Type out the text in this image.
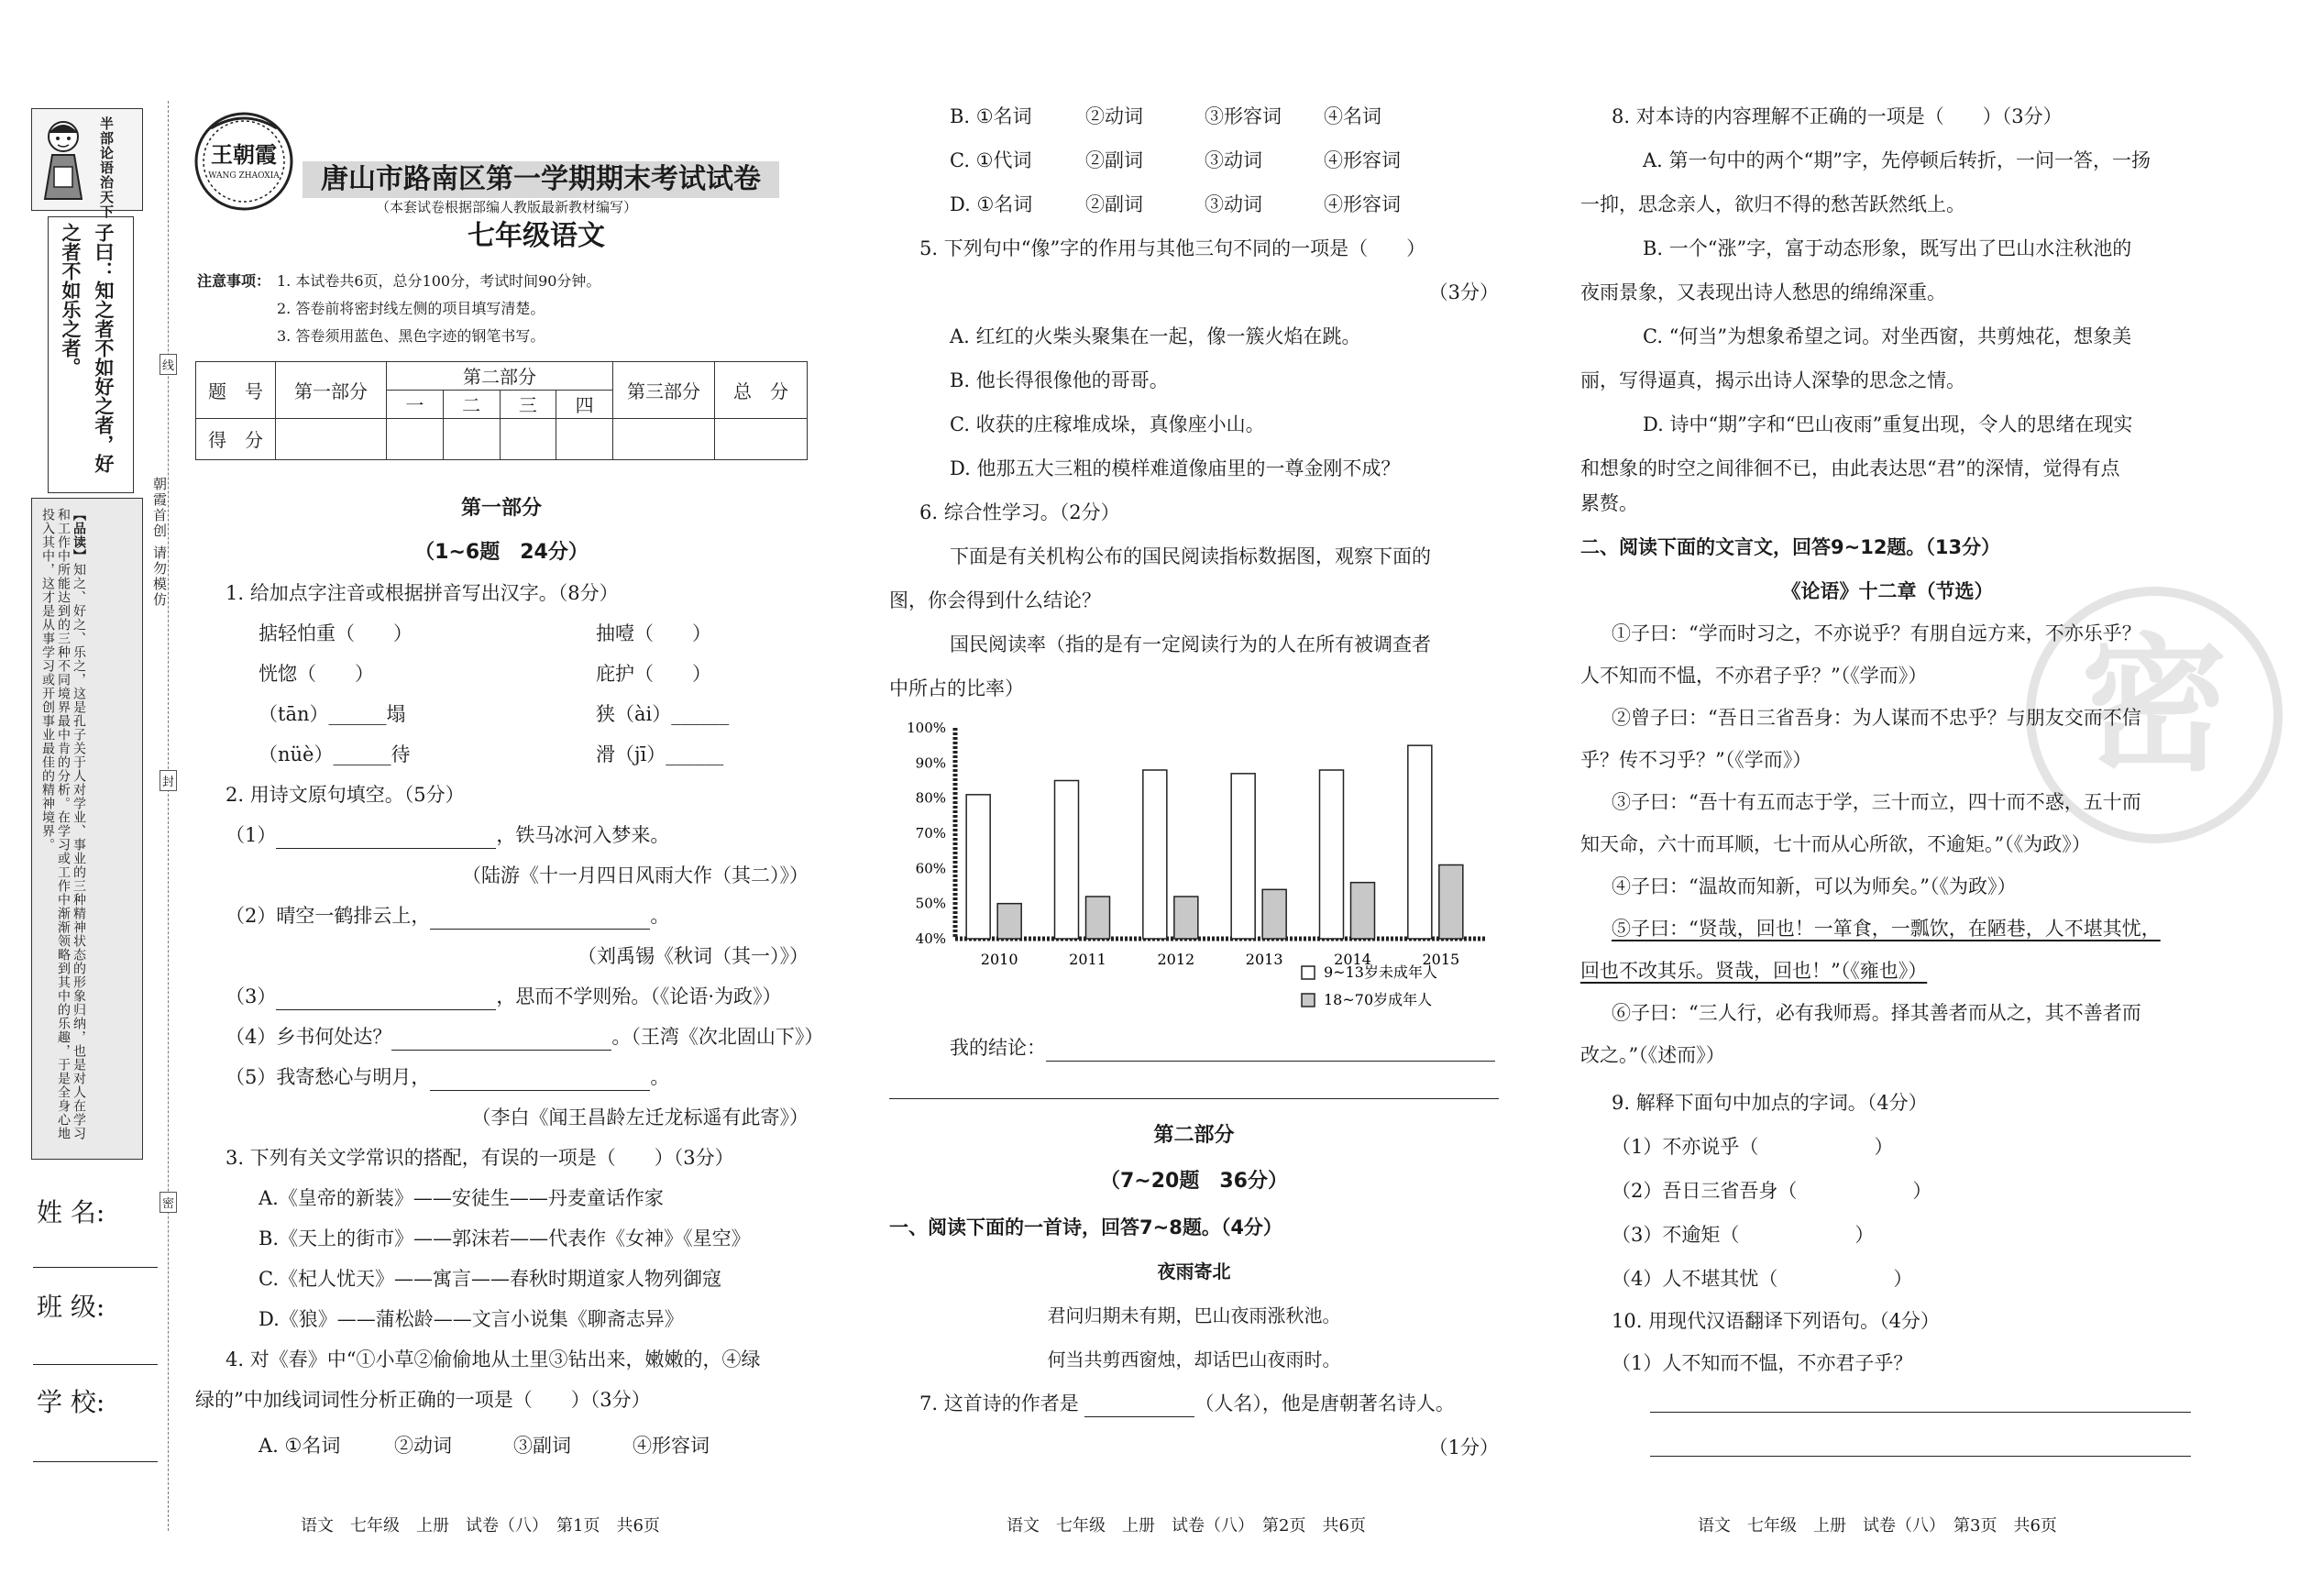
半部论语治天下
子曰：知之者不如好之者，好之者不如乐之者。
【品读】知之、好之、乐之，这是孔子关于人对学业、事业的三种精神状态的形象归纳，也是对人在学习和工作中所能达到的三种不同境界最中肯的分析。在学习或工作中渐渐领略到其中的乐趣，于是全身心地投入其中，这才是从事学习或开创事业最佳的精神境界。	朝霞首创 请勿模仿
线
封
密
姓 名:
班 级:
学 校:
王朝霞
WANG ZHAOXIA	唐山市路南区第一学期期末考试试卷
（本套试卷根据部编人教版最新教材编写）
七年级语文
注意事项： 1. 本试卷共6页，总分100分，考试时间90分钟。
2. 答卷前将密封线左侧的项目填写清楚。
3. 答卷须用蓝色、黑色字迹的钢笔书写。
题　号	第一部分	第二部分				第三部分	总　分
		一	二	三	四		
得　分							
第一部分
（1~6题　24分）
1. 给加点字注音或根据拼音写出汉字。（8分）
掂轻怕重（　　）	抽噎（　　）
恍惚（　　）	庇护（　　）
（tān）______塌	狭（ài）______
（nüè）______待	滑（jī）______
2. 用诗文原句填空。（5分）
（1）	，铁马冰河入梦来。
（陆游《十一月四日风雨大作（其二）》）
（2）晴空一鹤排云上，	。
（刘禹锡《秋词（其一）》）
（3）	，思而不学则殆。（《论语·为政》）
（4）乡书何处达？	。（王湾《次北固山下》）
（5）我寄愁心与明月，	。
（李白《闻王昌龄左迁龙标遥有此寄》）
3. 下列有关文学常识的搭配，有误的一项是（　　）（3分）
A.《皇帝的新装》——安徒生——丹麦童话作家
B.《天上的街市》——郭沫若——代表作《女神》《星空》
C.《杞人忧天》——寓言——春秋时期道家人物列御寇
D.《狼》——蒲松龄——文言小说集《聊斋志异》
4. 对《春》中“①小草②偷偷地从土里③钻出来，嫩嫩的，④绿
绿的”中加线词词性分析正确的一项是（　　）（3分）
A. ①名词	②动词	③副词	④形容词
B. ①名词	②动词	③形容词 ④名词
C. ①代词	②副词	③动词	④形容词
D. ①名词	②副词	③动词	④形容词
5. 下列句中“像”字的作用与其他三句不同的一项是（　　）
（3分）
A. 红红的火柴头聚集在一起，像一簇火焰在跳。
B. 他长得很像他的哥哥。
C. 收获的庄稼堆成垛，真像座小山。
D. 他那五大三粗的模样难道像庙里的一尊金刚不成？
6. 综合性学习。（2分）
下面是有关机构公布的国民阅读指标数据图，观察下面的
图，你会得到什么结论？
国民阅读率（指的是有一定阅读行为的人在所有被调查者
中所占的比率）
100%
90%
80%
70%
60%
50%
40%
2010	2011	2012	2013	2014	2015
9~13岁未成年人
18~70岁成年人
我的结论：
第二部分
（7~20题　36分）
一、阅读下面的一首诗，回答7~8题。（4分）
夜雨寄北
君问归期未有期，巴山夜雨涨秋池。
何当共剪西窗烛，却话巴山夜雨时。
7. 这首诗的作者是	（人名），他是唐朝著名诗人。
（1分）
密
8. 对本诗的内容理解不正确的一项是（　　）（3分）
A. 第一句中的两个“期”字，先停顿后转折，一问一答，一扬
一抑，思念亲人，欲归不得的愁苦跃然纸上。
B. 一个“涨”字，富于动态形象，既写出了巴山水注秋池的
夜雨景象，又表现出诗人愁思的绵绵深重。
C. “何当”为想象希望之词。对坐西窗，共剪烛花，想象美
丽，写得逼真，揭示出诗人深挚的思念之情。
D. 诗中“期”字和“巴山夜雨”重复出现，令人的思绪在现实
和想象的时空之间徘徊不已，由此表达思“君”的深情，觉得有点
累赘。
二、阅读下面的文言文，回答9~12题。（13分）
《论语》十二章（节选）
①子曰：“学而时习之，不亦说乎？有朋自远方来，不亦乐乎？
人不知而不愠，不亦君子乎？”（《学而》）
②曾子曰：“吾日三省吾身：为人谋而不忠乎？与朋友交而不信
乎？传不习乎？”（《学而》）
③子曰：“吾十有五而志于学，三十而立，四十而不惑，五十而
知天命，六十而耳顺，七十而从心所欲，不逾矩。”（《为政》）
④子曰：“温故而知新，可以为师矣。”（《为政》）
⑤子曰：“贤哉，回也！一箪食，一瓢饮，在陋巷，人不堪其忧，
回也不改其乐。贤哉，回也！”（《雍也》）
⑥子曰：“三人行，必有我师焉。择其善者而从之，其不善者而
改之。”（《述而》）
9. 解释下面句中加点的字词。（4分）
（1）不亦说乎（　　　　　　）
（2）吾日三省吾身（　　　　　　）
（3）不逾矩（　　　　　　）
（4）人不堪其忧（　　　　　　）
10. 用现代汉语翻译下列语句。（4分）
（1）人不知而不愠，不亦君子乎？
语文　七年级　上册　试卷（八）　第1页　共6页	语文　七年级　上册　试卷（八）　第2页　共6页	语文　七年级　上册　试卷（八）　第3页　共6页
